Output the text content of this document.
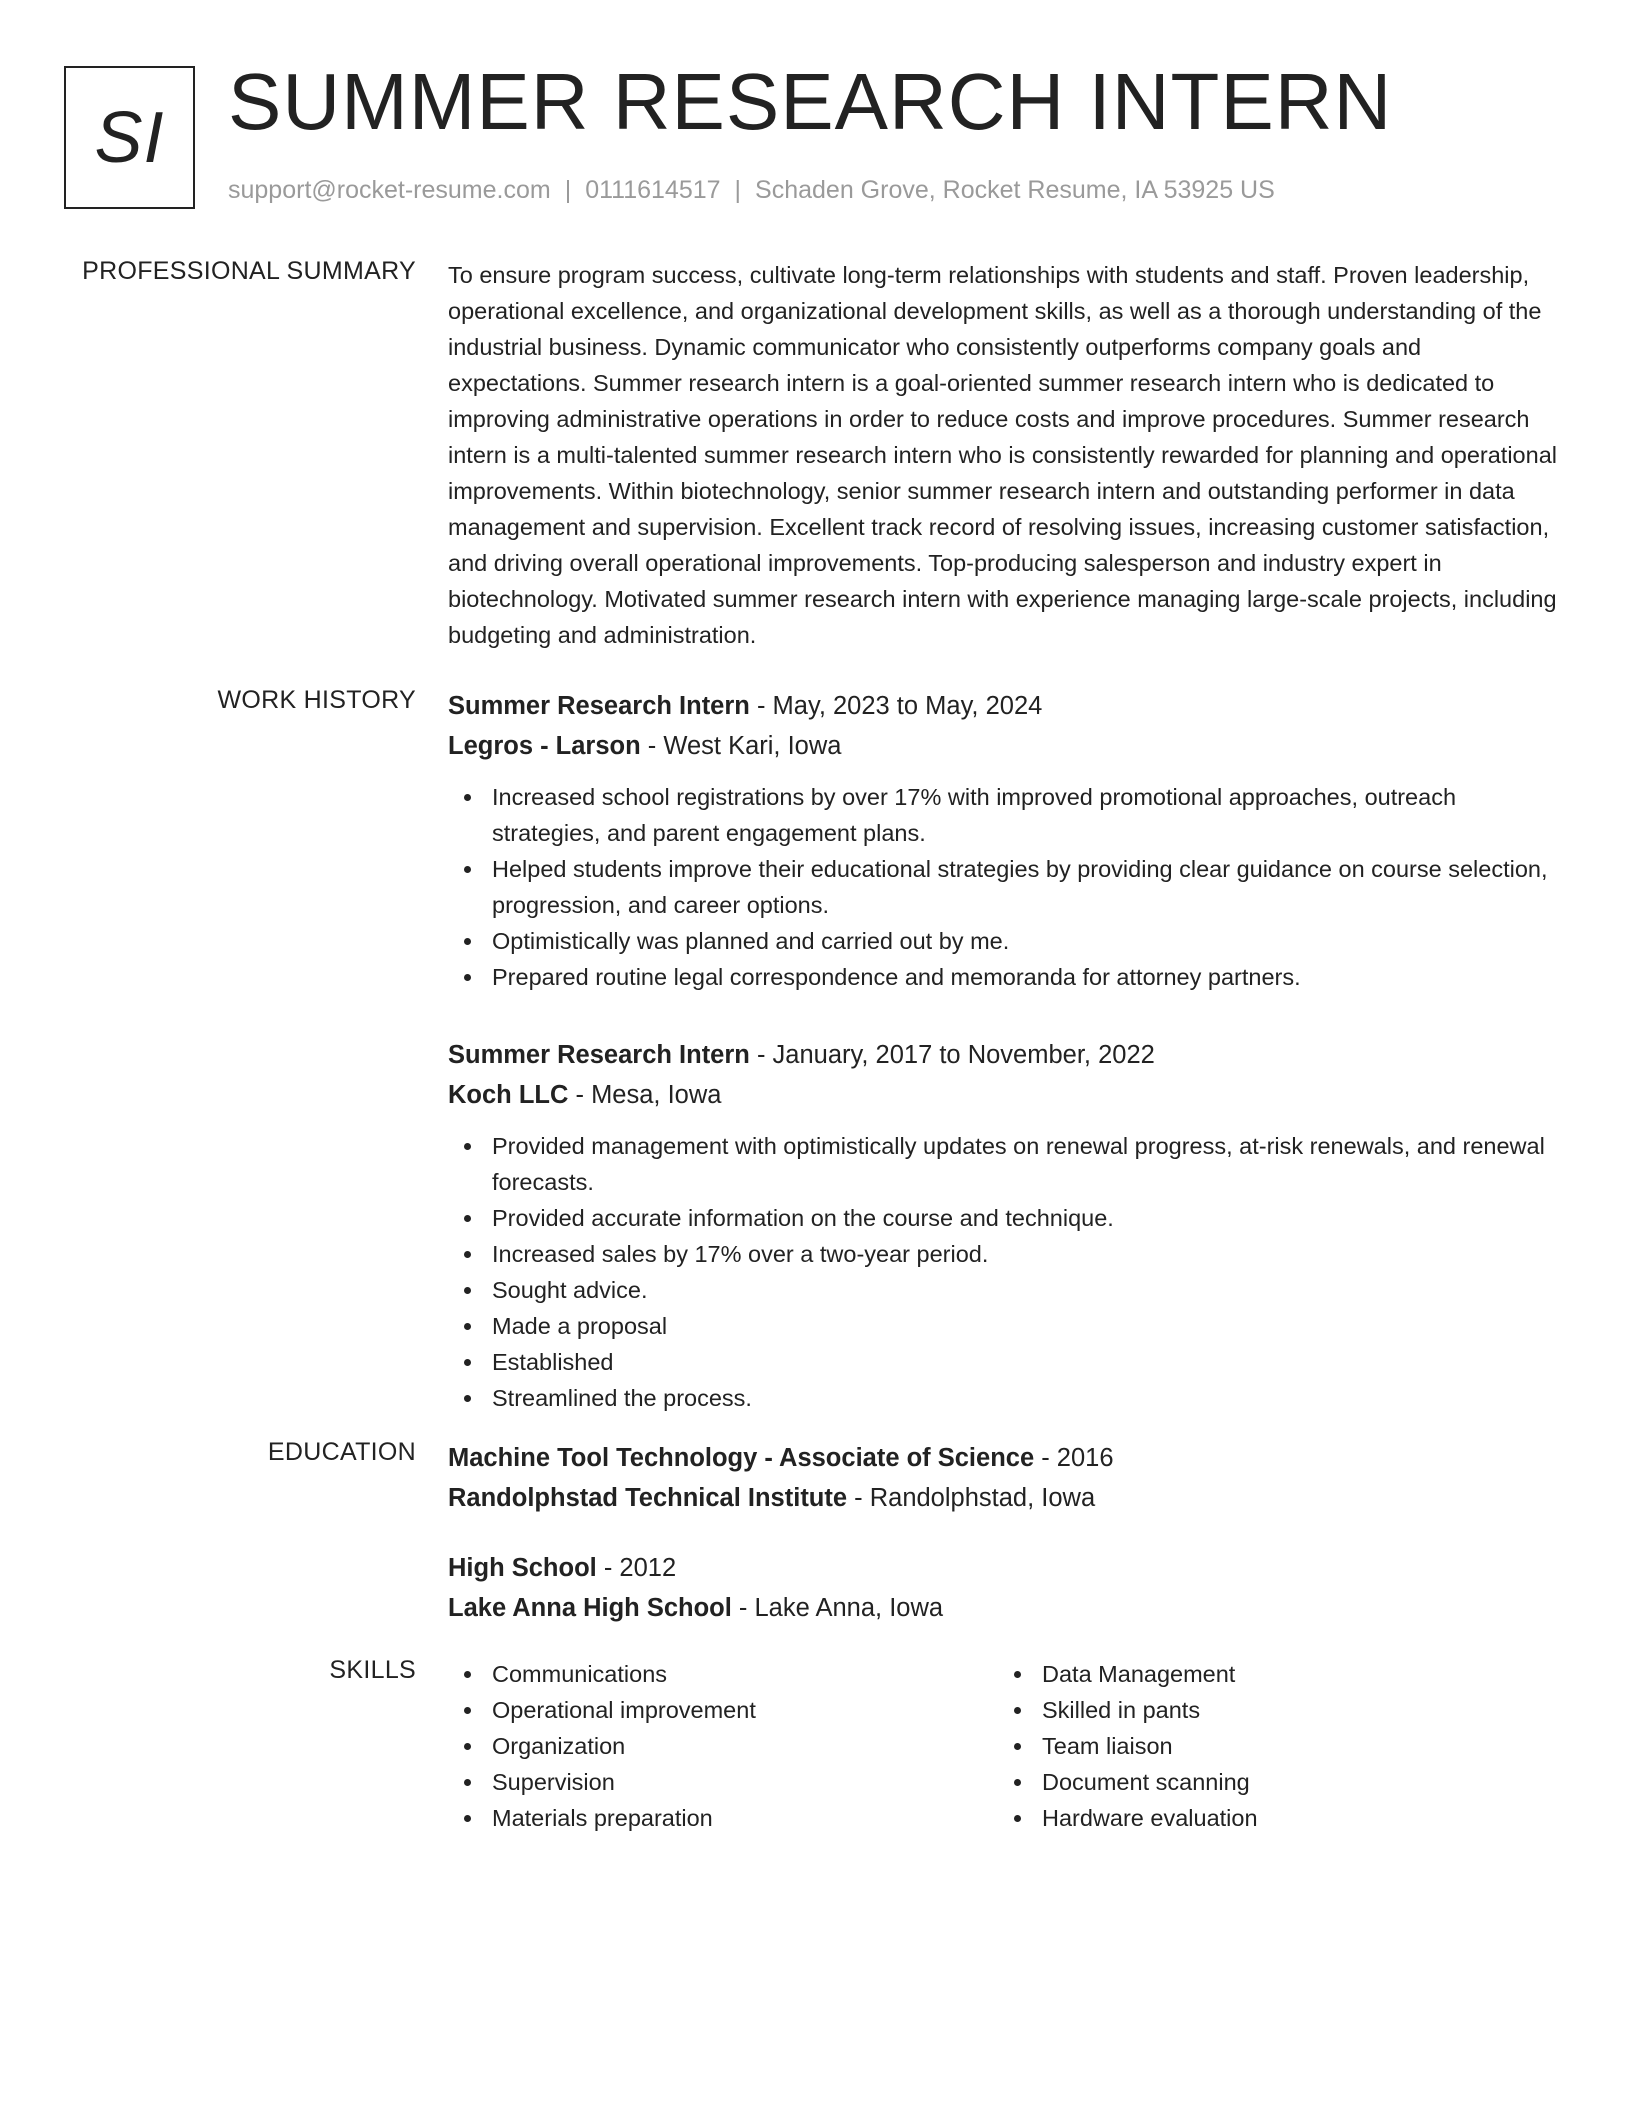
SI SUMMER RESEARCH INTERN
support@rocket-resume.com | 0111614517 | Schaden Grove, Rocket Resume, IA 53925 US
PROFESSIONAL SUMMARY To ensure program success, cultivate long-term relationships with students and staff. Proven leadership, operational excellence, and organizational development skills, as well as a thorough understanding of the industrial business. Dynamic communicator who consistently outperforms company goals and expectations. Summer research intern is a goal-oriented summer research intern who is dedicated to improving administrative operations in order to reduce costs and improve procedures. Summer research intern is a multi-talented summer research intern who is consistently rewarded for planning and operational improvements. Within biotechnology, senior summer research intern and outstanding performer in data management and supervision. Excellent track record of resolving issues, increasing customer satisfaction, and driving overall operational improvements. Top-producing salesperson and industry expert in biotechnology. Motivated summer research intern with experience managing large-scale projects, including budgeting and administration.
WORK HISTORY Summer Research Intern - May, 2023 to May, 2024
Legros - Larson - West Kari, Iowa
Increased school registrations by over 17% with improved promotional approaches, outreach strategies, and parent engagement plans.
Helped students improve their educational strategies by providing clear guidance on course selection, progression, and career options.
Optimistically was planned and carried out by me.
Prepared routine legal correspondence and memoranda for attorney partners.
Summer Research Intern - January, 2017 to November, 2022
Koch LLC - Mesa, Iowa
Provided management with optimistically updates on renewal progress, at-risk renewals, and renewal forecasts.
Provided accurate information on the course and technique.
Increased sales by 17% over a two-year period.
Sought advice.
Made a proposal
Established
Streamlined the process.
EDUCATION Machine Tool Technology - Associate of Science - 2016
Randolphstad Technical Institute - Randolphstad, Iowa
High School - 2012
Lake Anna High School - Lake Anna, Iowa
SKILLS	Communications
Operational improvement
Organization
Supervision
Materials preparation
Data Management
Skilled in pants
Team liaison
Document scanning
Hardware evaluation
